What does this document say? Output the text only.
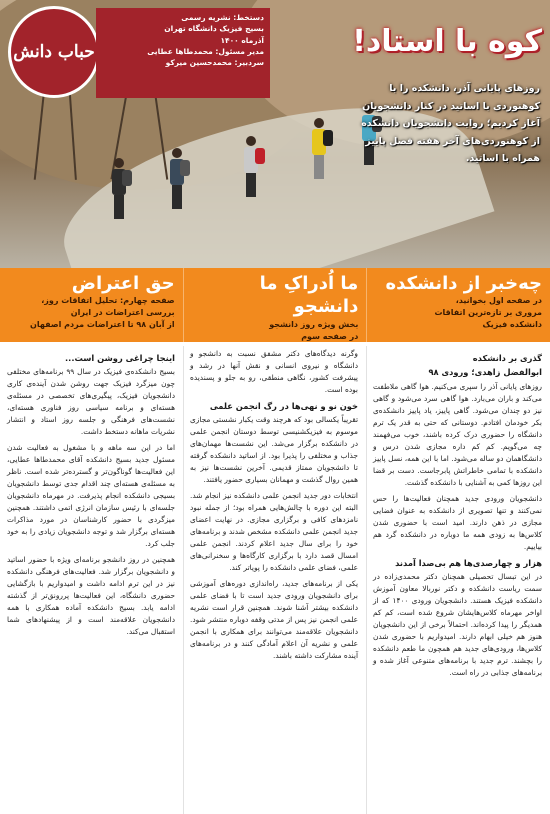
حباب دانش

دستخط: نشریه رسمی

بسیج فیزیک دانشگاه تهران

آذرماه ۱۴۰۰

مدیر مسئول: محمدطاها عطایی

سردبیر: محمدحسین میرکو

کوه با استاد!
روزهای پایانی آذر، دانشکده را با کوهنوردی با اساتید در کنار دانشجویان آغاز کردیم؛ روایت دانشجویان دانشکده از کوهنوردی‌های آخر هفته فصل پاییز همراه با اساتید.
چه‌خبر از دانشکده
در صفحه اول بخوانید،
مروری بر تازه‌ترین اتفاقات
دانشکده فیزیک
ما اُدراکِ ما دانشجو
بخش ویژه روز دانشجو
در صفحه سوم
حق اعتراض
صفحه چهارم: تحلیل اتفاقات روز،
بررسی اعتراضات در ایران
از آبان ۹۸ تا اعتراضات مردم اصفهان
گذری بر دانشکده
ابوالفضل زاهدی؛ ورودی ۹۸

روزهای پایانی آذر را سپری می‌کنیم. هوا گاهی ملاطفت می‌کند و باران می‌بارد. هوا گاهی سرد می‌شود و گاهی نیز دو چندان می‌شود. گاهی پاییز، یاد پاییز دانشکده‌ی بکر خودمان افتادم. دوستانی که حتی به قدر یک ترم دانشگاه را حضوری درک کرده باشند، خوب می‌فهمند چه می‌گویم. کم کم داره مجازی شدن درس و دانشگاهمان دو ساله می‌شود. اما با این همه، نسل پاییز دانشکده با تمامی خاطراتش پابرجاست. دست بر قضا این روزها کمی به آشنایی با دانشکده گذشت.

دانشجویان ورودی جدید همچنان فعالیت‌ها را حس نمی‌کنند و تنها تصویری از دانشکده به عنوان فضایی مجازی در ذهن دارند. امید است با حضوری شدن کلاس‌ها به زودی همه ما دوباره در دانشکده گرد هم بیاییم.

هزار و چهارصدی‌ها هم بی‌صدا آمدند

در این تبسال تحصیلی همچنان دکتر محمدی‌زاده در سمت ریاست دانشکده و دکتر نوربالا معاون آموزش دانشکده فیزیک هستند. دانشجویان ورودی ۱۴۰۰ که از اواخر مهرماه کلاس‌هایشان شروع شده است، کم کم همدیگر را پیدا کرده‌اند. احتمالاً برخی از این دانشجویان هنوز هم خیلی ابهام دارند. امیدواریم با حضوری شدن کلاس‌ها، ورودی‌های جدید هم همچون ما طعم دانشکده را بچشند. ترم جدید با برنامه‌های متنوعی آغاز شده و برنامه‌های جذابی در راه است.

وگرنه دیدگاه‌های دکتر مشفق نسبت به دانشجو و دانشگاه و نیروی انسانی و نقش آنها در رشد و پیشرفت کشور، نگاهی منطقی، رو به جلو و پسندیده بوده است.

خون نو و نهی‌ها در رگ انجمن علمی

تقریباً یکسالی بود که هرچند وقت یکبار نشستی مجازی موسوم به فیزیکشنیسی توسط دوستان انجمن علمی در دانشکده برگزار می‌شد. این نشست‌ها مهمان‌های جذاب و مختلفی را پذیرا بود. از اساتید دانشکده گرفته تا دانشجویان ممتاز قدیمی. آخرین نشست‌ها نیز به همین روال گذشت و مهمانان بسیاری حضور یافتند.

انتخابات دور جدید انجمن علمی دانشکده نیز انجام شد. البته این دوره با چالش‌هایی همراه بود؛ از جمله نبود نامزدهای کافی و برگزاری مجازی. در نهایت اعضای جدید انجمن علمی دانشکده مشخص شدند و برنامه‌های خود را برای سال جدید اعلام کردند. انجمن علمی امسال قصد دارد با برگزاری کارگاه‌ها و سخنرانی‌های علمی، فضای علمی دانشکده را پویاتر کند.

یکی از برنامه‌های جدید، راه‌اندازی دوره‌های آموزشی برای دانشجویان ورودی جدید است تا با فضای علمی دانشکده بیشتر آشنا شوند. همچنین قرار است نشریه علمی انجمن نیز پس از مدتی وقفه دوباره منتشر شود. دانشجویان علاقه‌مند می‌توانند برای همکاری با انجمن علمی و نشریه آن اعلام آمادگی کنند و در برنامه‌های آینده مشارکت داشته باشند.

اینجا چراغی روشن است...

بسیج دانشکده‌ی فیزیک در سال ۹۹ برنامه‌های مختلفی چون میزگرد فیزیک جهت روشن شدن آینده‌ی کاری دانشجویان فیزیک، پیگیری‌های تخصصی در مسئله‌ی هسته‌ای و برنامه سیاسی روز فناوری هسته‌ای، نشست‌های فرهنگی و جلسه روز استاد و انتشار نشریات ماهانه دستخط داشت.

اما در این سه ماهه و با مشغول به فعالیت شدن مسئول جدید بسیج دانشکده آقای محمدطاها عطایی، این فعالیت‌ها گوناگون‌تر و گسترده‌تر شده است. ناظر به مسئله‌ی هسته‌ای چند اقدام جدی توسط دانشجویان بسیجی دانشکده انجام پذیرفت. در مهرماه دانشجویان جلسه‌ای با رئیس سازمان انرژی اتمی داشتند. همچنین میزگردی با حضور کارشناسان در مورد مذاکرات هسته‌ای برگزار شد و توجه دانشجویان زیادی را به خود جلب کرد.

همچنین در روز دانشجو برنامه‌ای ویژه با حضور اساتید و دانشجویان برگزار شد. فعالیت‌های فرهنگی دانشکده نیز در این ترم ادامه داشت و امیدواریم با بازگشایی حضوری دانشگاه، این فعالیت‌ها پررونق‌تر از گذشته ادامه یابد. بسیج دانشکده آماده همکاری با همه دانشجویان علاقه‌مند است و از پیشنهادهای شما استقبال می‌کند.
